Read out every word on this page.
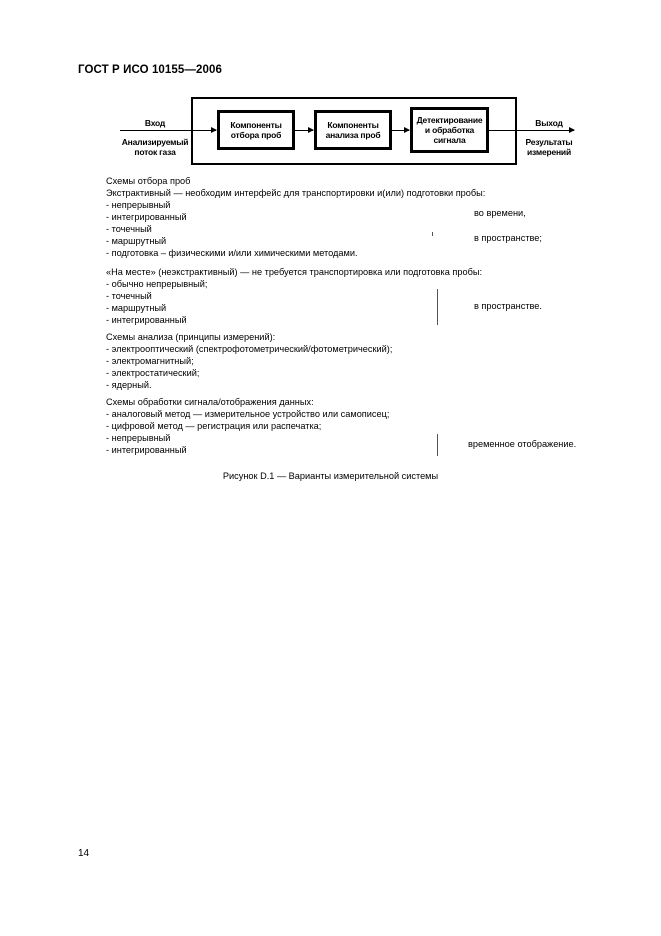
ГОСТ Р ИСО 10155—2006
Вход
Анализируемый
поток газа
Компоненты
отбора проб
Компоненты
анализа проб
Детектирование
и обработка
сигнала
Выход
Результаты
измерений
Схемы отбора проб
Экстрактивный — необходим интерфейс для транспортировки и(или) подготовки пробы:
- непрерывный
- интегрированный
- точечный
- маршрутный
- подготовка – физическими и/или химическими методами.
во времени,
в пространстве;
«На месте» (неэкстрактивный) — не требуется транспортировка или подготовка пробы:
- обычно непрерывный;
- точечный
- маршрутный
- интегрированный
в пространстве.
Схемы анализа (принципы измерений):
- электрооптический (спектрофотометрический/фотометрический);
- электромагнитный;
- электростатический;
- ядерный.
Схемы обработки сигнала/отображения данных:
- аналоговый метод — измерительное устройство или самописец;
- цифровой метод — регистрация или распечатка;
- непрерывный
- интегрированный
временное отображение.
Рисунок D.1 — Варианты измерительной системы
14
